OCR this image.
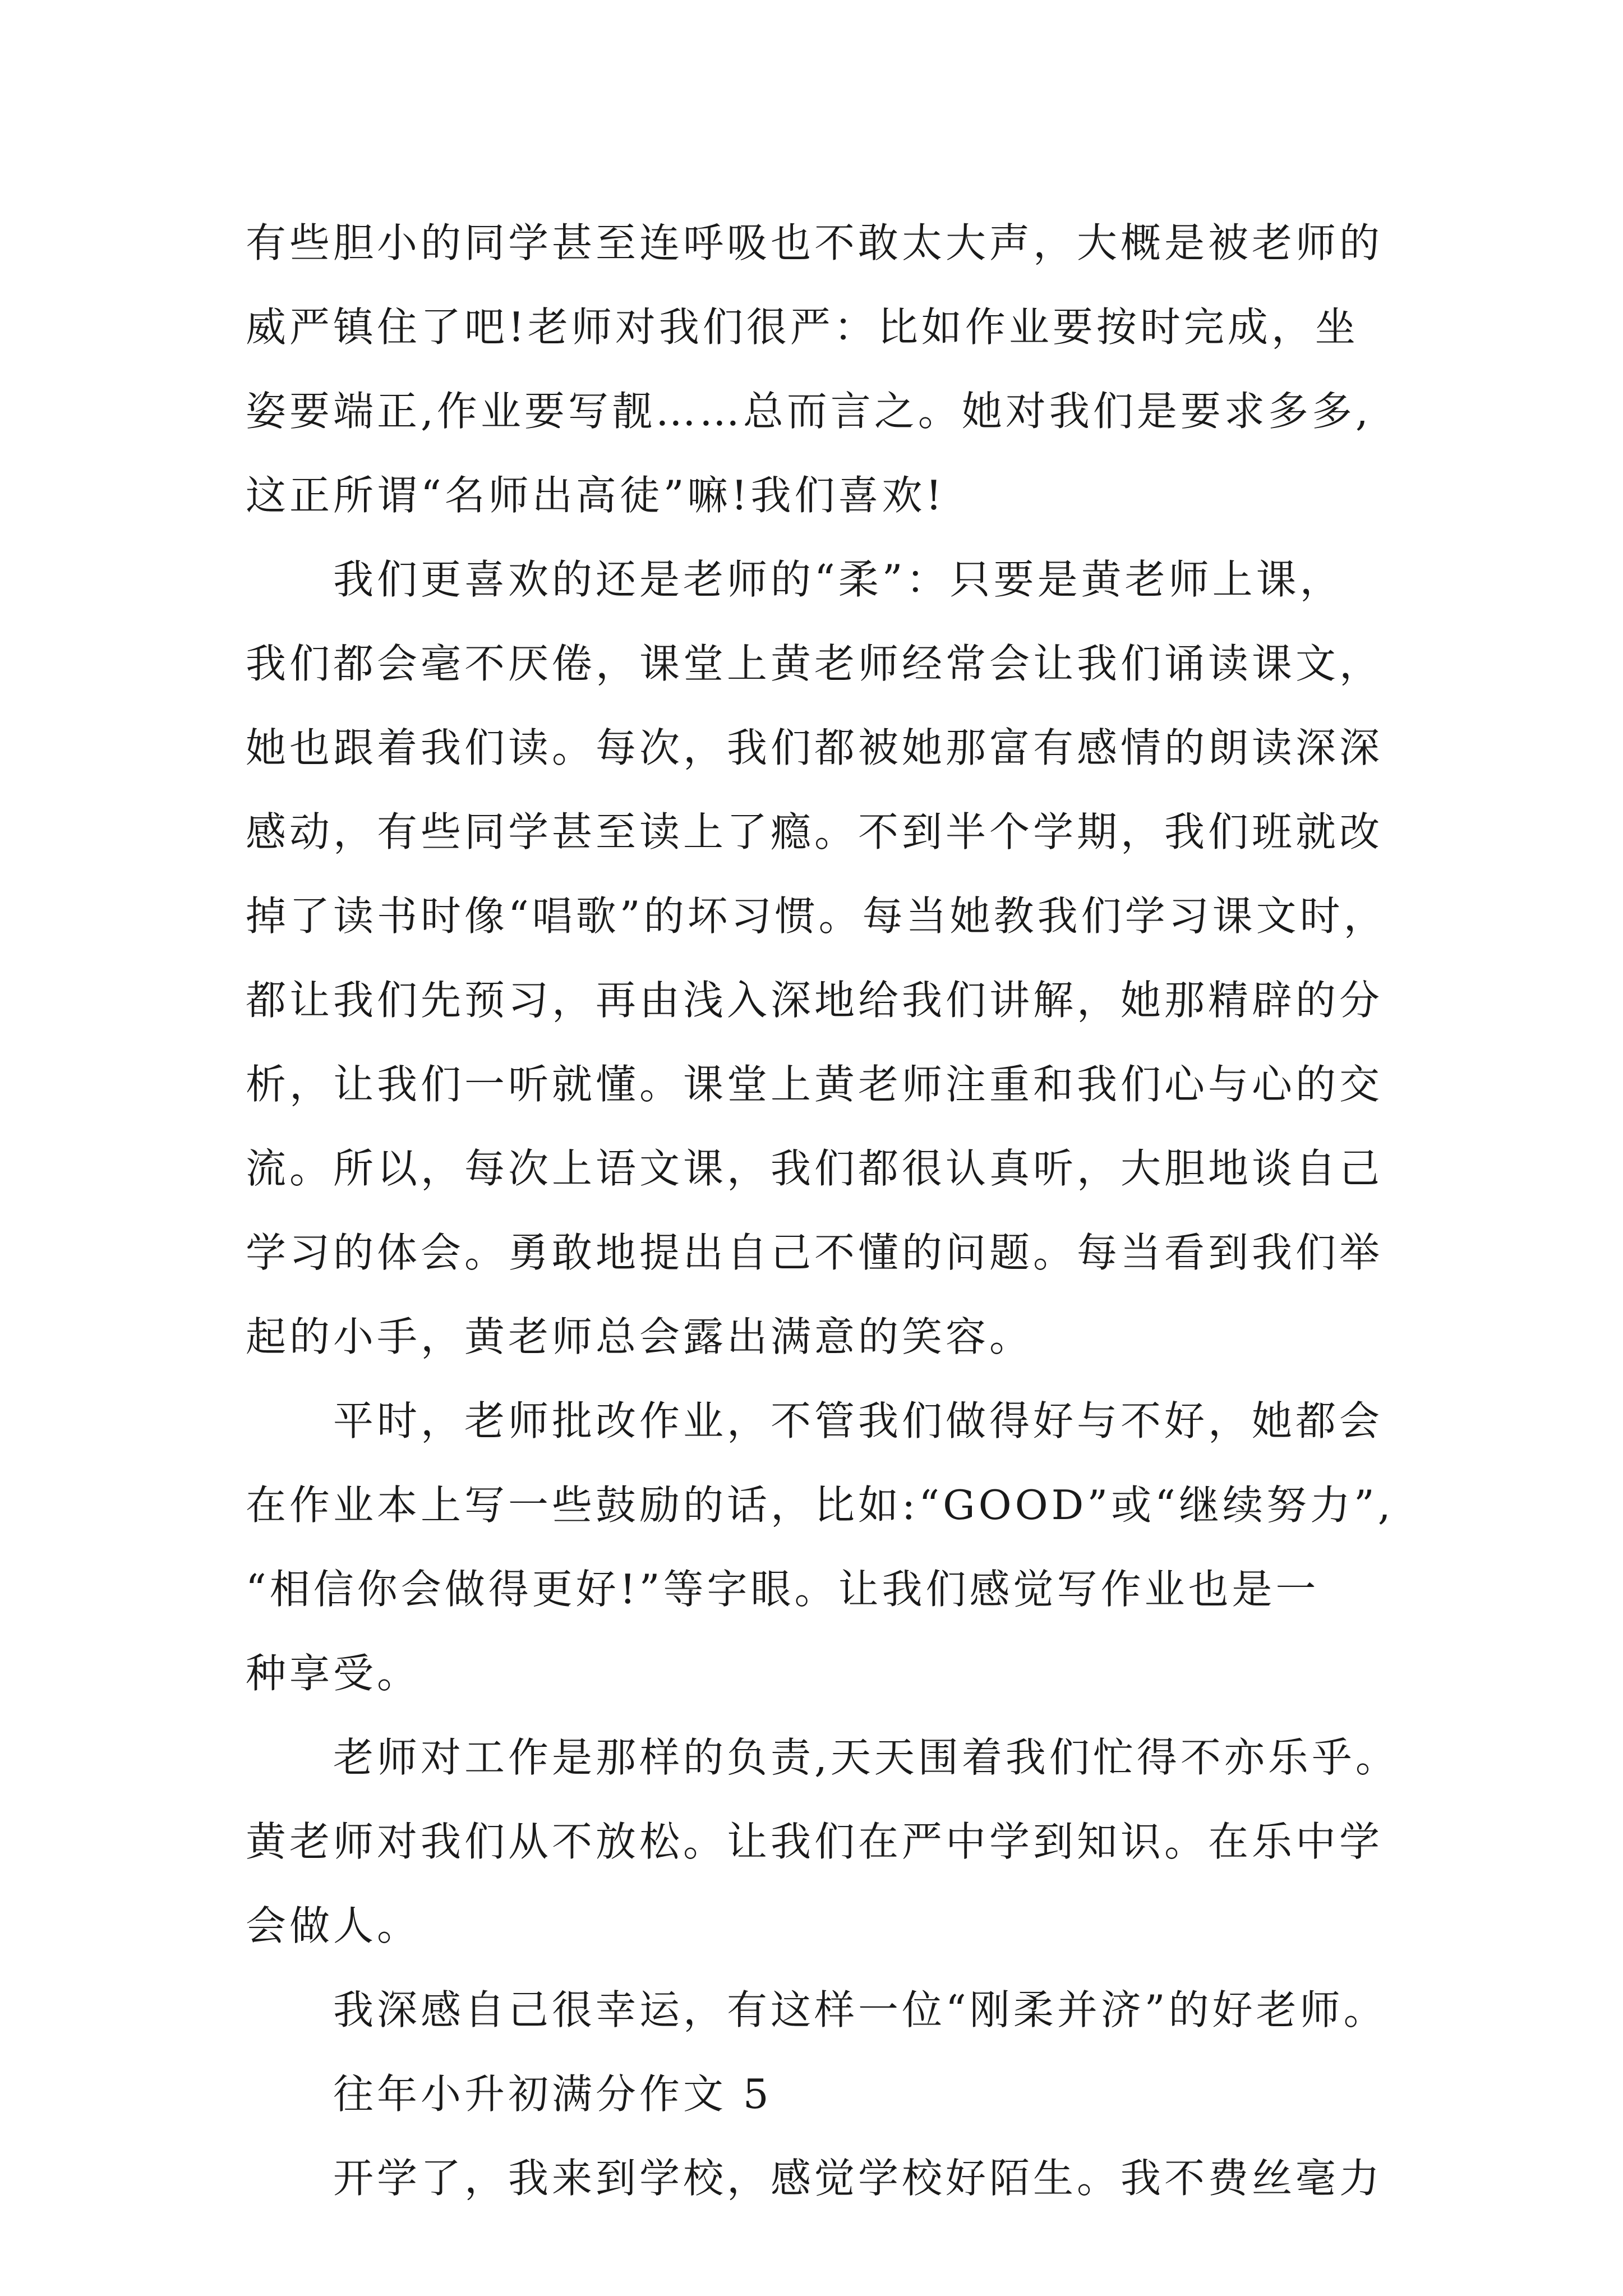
有些胆小的同学甚至连呼吸也不敢太大声，大概是被老师的
威严镇住了吧!老师对我们很严：比如作业要按时完成，坐
姿要端正,作业要写靓……总而言之。她对我们是要求多多,
这正所谓“名师出高徒”嘛!我们喜欢!
我们更喜欢的还是老师的“柔”：只要是黄老师上课，
我们都会毫不厌倦，课堂上黄老师经常会让我们诵读课文，
她也跟着我们读。每次，我们都被她那富有感情的朗读深深
感动，有些同学甚至读上了瘾。不到半个学期，我们班就改
掉了读书时像“唱歌”的坏习惯。每当她教我们学习课文时，
都让我们先预习，再由浅入深地给我们讲解，她那精辟的分
析，让我们一听就懂。课堂上黄老师注重和我们心与心的交
流。所以，每次上语文课，我们都很认真听，大胆地谈自己
学习的体会。勇敢地提出自己不懂的问题。每当看到我们举
起的小手，黄老师总会露出满意的笑容。
平时，老师批改作业，不管我们做得好与不好，她都会
在作业本上写一些鼓励的话，比如:“GOOD”或“继续努力”,
“相信你会做得更好!”等字眼。让我们感觉写作业也是一
种享受。
老师对工作是那样的负责,天天围着我们忙得不亦乐乎。
黄老师对我们从不放松。让我们在严中学到知识。在乐中学
会做人。
我深感自己很幸运，有这样一位“刚柔并济”的好老师。
往年小升初满分作文 5
开学了，我来到学校，感觉学校好陌生。我不费丝毫力
